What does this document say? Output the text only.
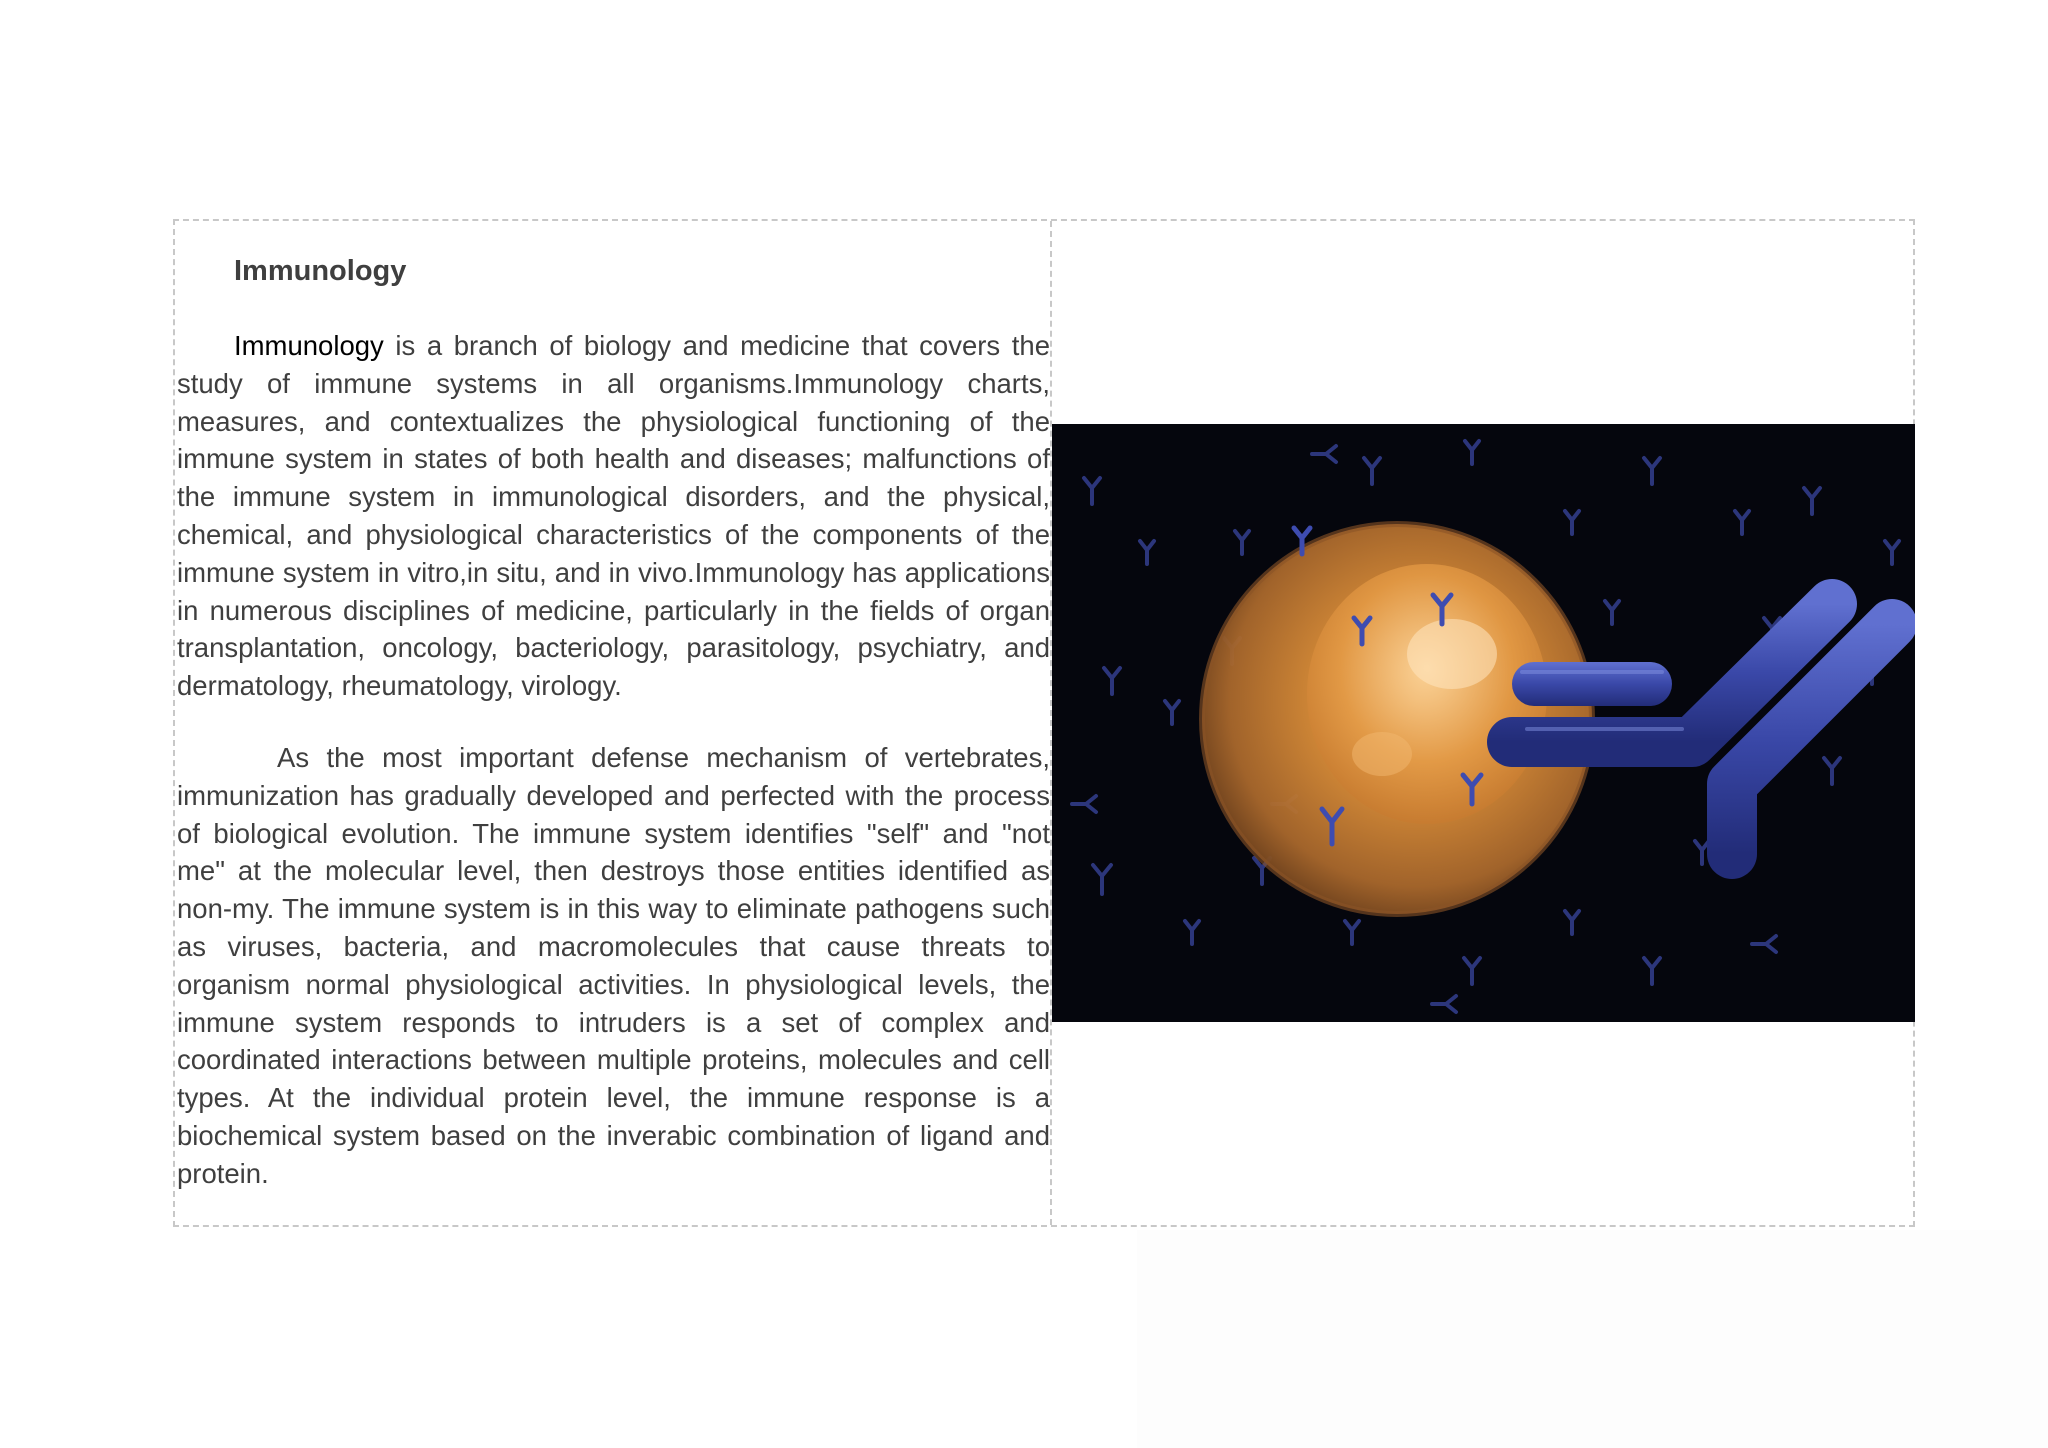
Immunology

Immunology is a branch of biology and medicine that covers the study of immune systems in all organisms.Immunology charts, measures, and contextualizes the physiological functioning of the immune system in states of both health and diseases; malfunctions of the immune system in immunological disorders, and the physical, chemical, and physiological characteristics of the components of the immune system in vitro,in situ, and in vivo.Immunology has applications in numerous disciplines of medicine, particularly in the fields of organ transplantation, oncology, bacteriology, parasitology, psychiatry, and dermatology, rheumatology, virology.

As the most important defense mechanism of vertebrates, immunization has gradually developed and perfected with the process of biological evolution. The immune system identifies "self" and "not me" at the molecular level, then destroys those entities identified as non-my. The immune system is in this way to eliminate pathogens such as viruses, bacteria, and macromolecules that cause threats to organism normal physiological activities. In physiological levels, the immune system responds to intruders is a set of complex and coordinated interactions between multiple proteins, molecules and cell types. At the individual protein level, the immune response is a biochemical system based on the inverabic combination of ligand and protein.
